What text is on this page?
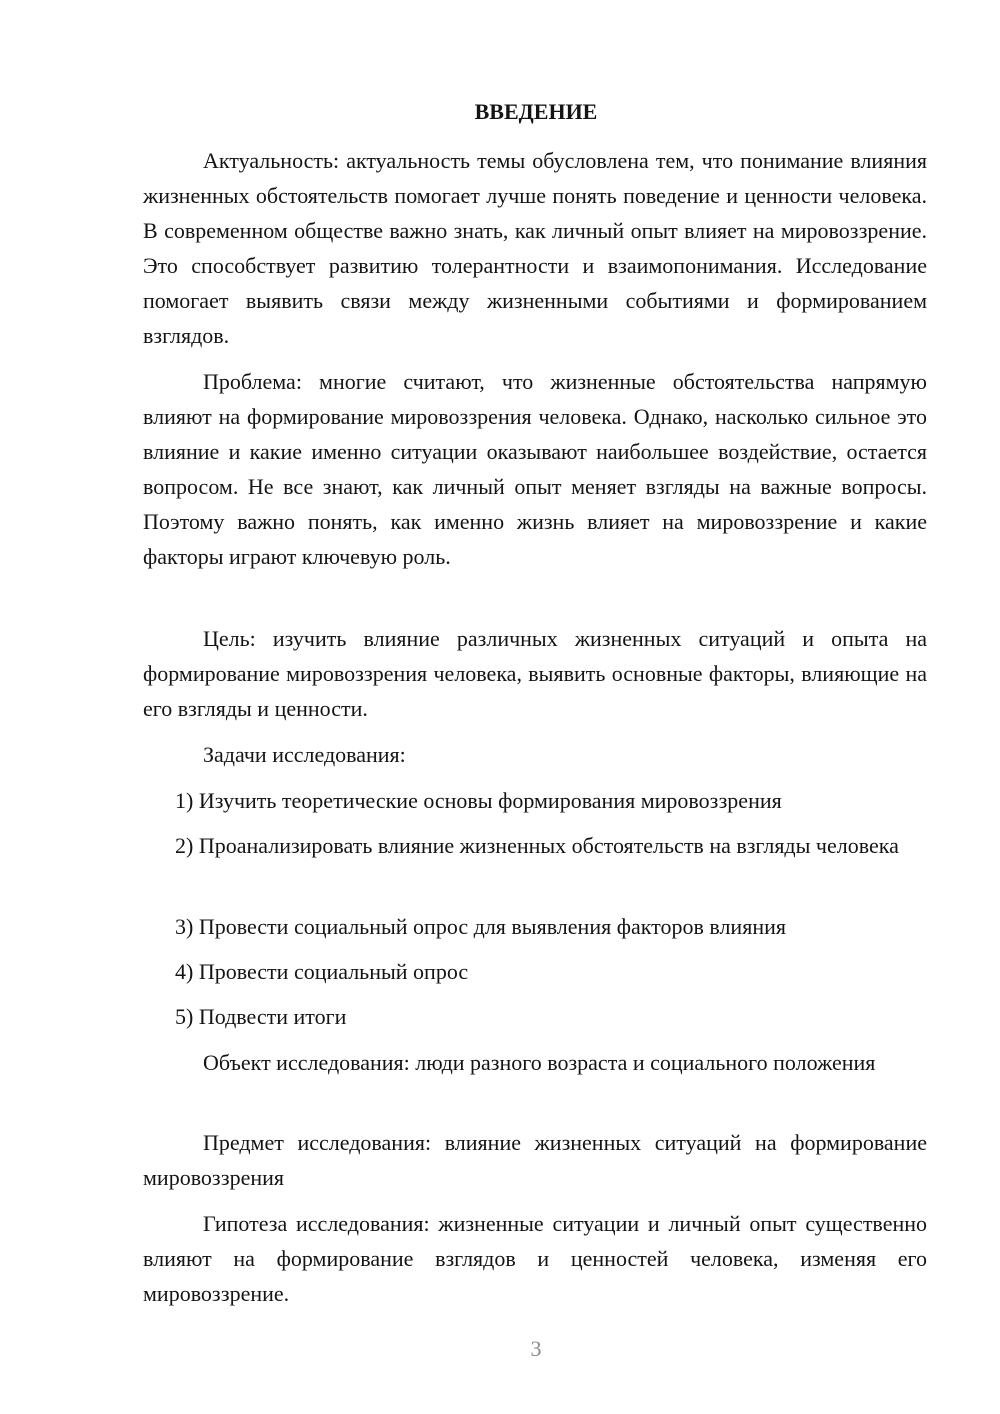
ВВЕДЕНИЕ

Актуальность: актуальность темы обусловлена тем, что понимание влияния жизненных обстоятельств помогает лучше понять поведение и ценности человека. В современном обществе важно знать, как личный опыт влияет на мировоззрение. Это способствует развитию толерантности и взаимопонимания. Исследование помогает выявить связи между жизненными событиями и формированием взглядов.

Проблема: многие считают, что жизненные обстоятельства напрямую влияют на формирование мировоззрения человека. Однако, насколько сильное это влияние и какие именно ситуации оказывают наибольшее воздействие, остается вопросом. Не все знают, как личный опыт меняет взгляды на важные вопросы. Поэтому важно понять, как именно жизнь влияет на мировоззрение и какие факторы играют ключевую роль.

Цель: изучить влияние различных жизненных ситуаций и опыта на формирование мировоззрения человека, выявить основные факторы, влияющие на его взгляды и ценности.

Задачи исследования:

1) Изучить теоретические основы формирования мировоззрения

2) Проанализировать влияние жизненных обстоятельств на взгляды человека

3) Провести социальный опрос для выявления факторов влияния

4) Провести социальный опрос

5) Подвести итоги

Объект исследования: люди разного возраста и социального положения

Предмет исследования: влияние жизненных ситуаций на формирование мировоззрения

Гипотеза исследования: жизненные ситуации и личный опыт существенно влияют на формирование взглядов и ценностей человека, изменяя его мировоззрение.

3
